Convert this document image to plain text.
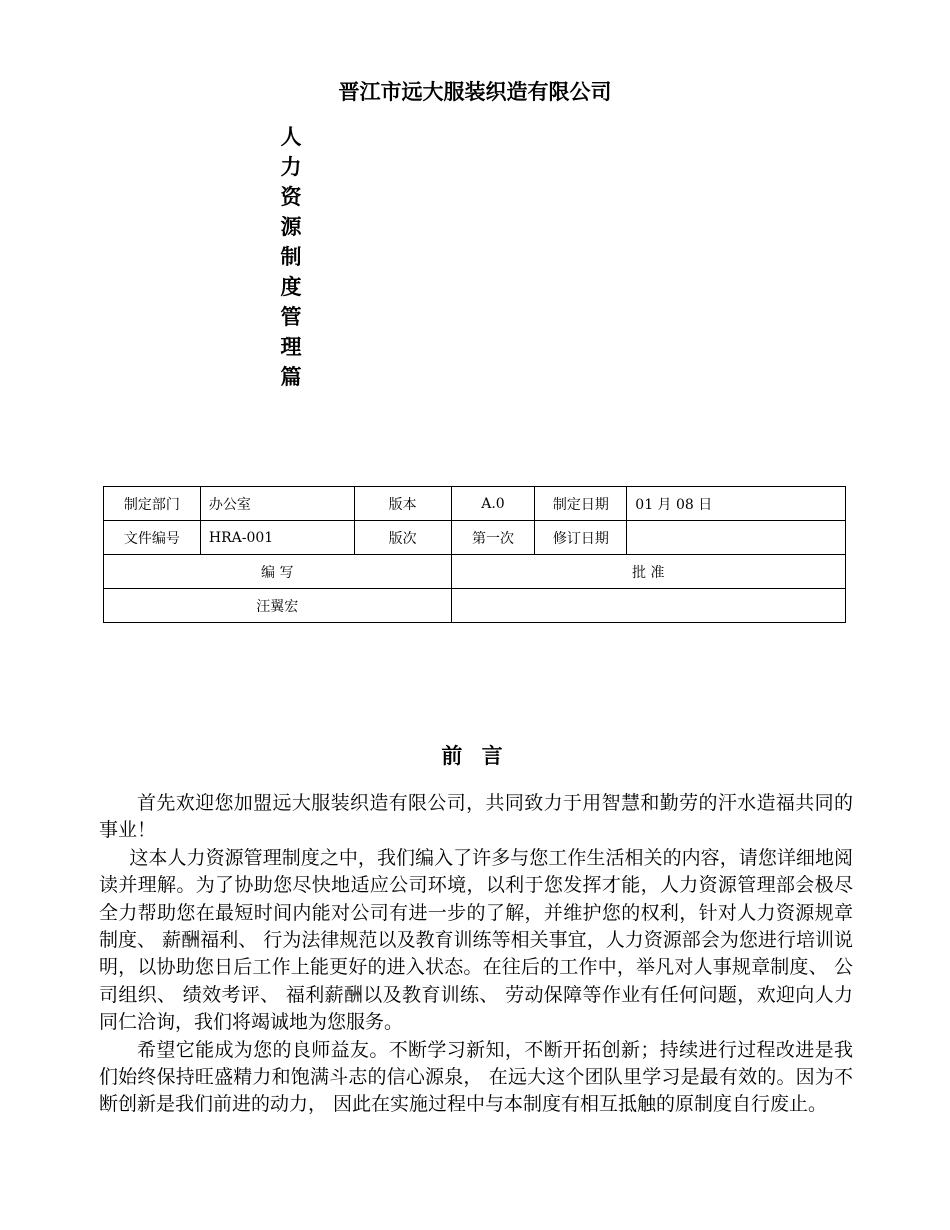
晋江市远大服装织造有限公司
人
力
资
源
制
度
管
理
篇
制定部门	办公室	版本	A.0	制定日期	01 月 08 日
文件编号	HRA-001	版次	第一次	修订日期	
编 写			批 准		
汪翼宏					
前 言

首先欢迎您加盟远大服装织造有限公司，共同致力于用智慧和勤劳的汗水造福共同的事业！

这本人力资源管理制度之中，我们编入了许多与您工作生活相关的内容，请您详细地阅读并理解。为了协助您尽快地适应公司环境，以利于您发挥才能，人力资源管理部会极尽全力帮助您在最短时间内能对公司有进一步的了解，并维护您的权利，针对人力资源规章制度、 薪酬福利、 行为法律规范以及教育训练等相关事宜，人力资源部会为您进行培训说明，以协助您日后工作上能更好的进入状态。在往后的工作中，举凡对人事规章制度、 公司组织、 绩效考评、 福利薪酬以及教育训练、 劳动保障等作业有任何问题，欢迎向人力同仁洽询，我们将竭诚地为您服务。

希望它能成为您的良师益友。不断学习新知，不断开拓创新；持续进行过程改进是我们始终保持旺盛精力和饱满斗志的信心源泉， 在远大这个团队里学习是最有效的。因为不断创新是我们前进的动力， 因此在实施过程中与本制度有相互抵触的原制度自行废止。
